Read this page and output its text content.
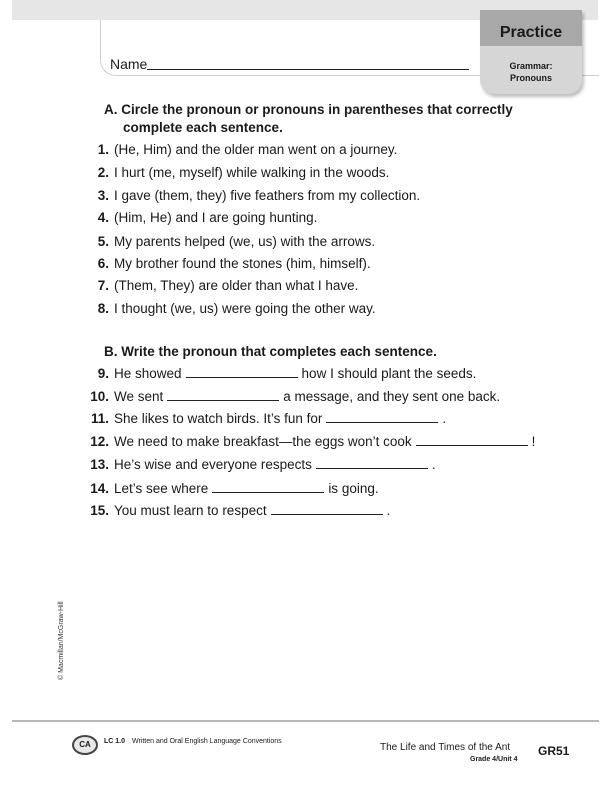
Name
Practice
Grammar:
Pronouns
A. Circle the pronoun or pronouns in parentheses that correctly
complete each sentence.
1. (He, Him) and the older man went on a journey.
2. I hurt (me, myself) while walking in the woods.
3. I gave (them, they) five feathers from my collection.
4. (Him, He) and I are going hunting.
5. My parents helped (we, us) with the arrows.
6. My brother found the stones (him, himself).
7. (Them, They) are older than what I have.
8. I thought (we, us) were going the other way.
B. Write the pronoun that completes each sentence.
9. He showed	how I should plant the seeds.
10. We sent	a message, and they sent one back.
11. She likes to watch birds. It’s fun for	.
12. We need to make breakfast—the eggs won’t cook	!
13. He’s wise and everyone respects	.
14. Let’s see where	is going.
15. You must learn to respect	.
© Macmillan/McGraw-Hill
CA	LC 1.0 Written and Oral English Language Conventions
The Life and Times of the Ant
Grade 4/Unit 4
GR51
